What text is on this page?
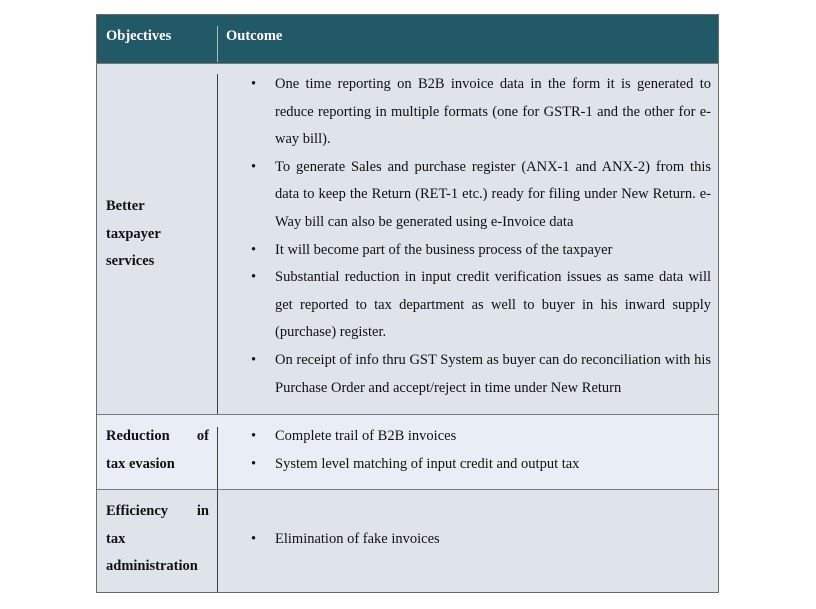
Objectives	Outcome
Better
taxpayer
services
• One time reporting on B2B invoice data in the form it is generated to reduce reporting in multiple formats (one for GSTR-1 and the other for e-way bill).
• To generate Sales and purchase register (ANX-1 and ANX-2) from this data to keep the Return (RET-1 etc.) ready for filing under New Return. e-Way bill can also be generated using e-Invoice data
• It will become part of the business process of the taxpayer
• Substantial reduction in input credit verification issues as same data will get reported to tax department as well to buyer in his inward supply (purchase) register.
• On receipt of info thru GST System as buyer can do reconciliation with his Purchase Order and accept/reject in time under New Return
Reduction of
tax evasion
• Complete trail of B2B invoices
• System level matching of input credit and output tax
Efficiency in
tax
administration
• Elimination of fake invoices
